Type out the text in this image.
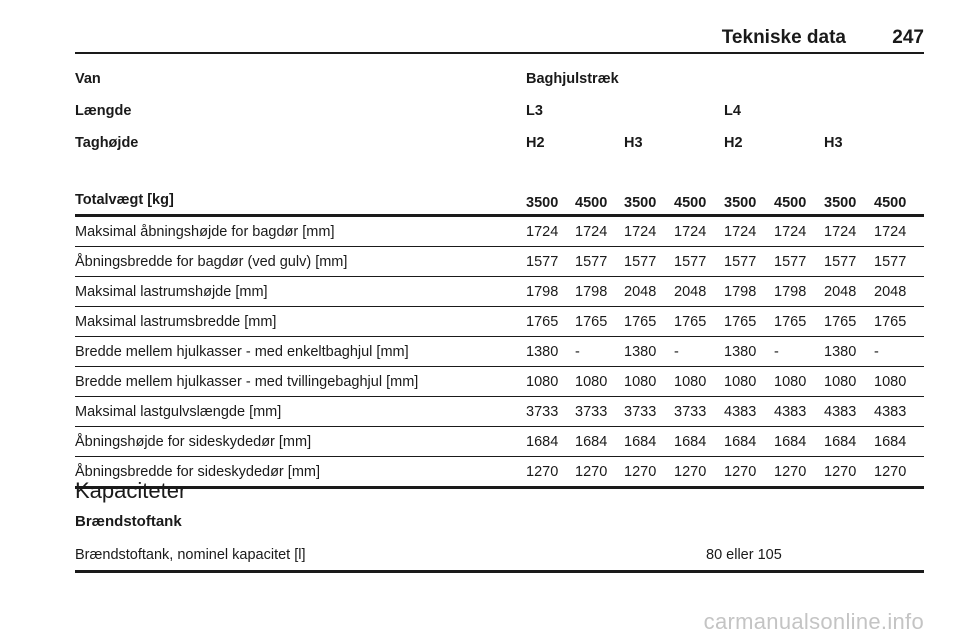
Tekniske data 247
Van	Baghjulstræk							
Længde	L3				L4			
Taghøjde	H2		H3		H2		H3	
Totalvægt [kg]	3500	4500	3500	4500	3500	4500	3500	4500
Maksimal åbningshøjde for bagdør [mm]	1724	1724	1724	1724	1724	1724	1724	1724
Åbningsbredde for bagdør (ved gulv) [mm]	1577	1577	1577	1577	1577	1577	1577	1577
Maksimal lastrumshøjde [mm]	1798	1798	2048	2048	1798	1798	2048	2048
Maksimal lastrumsbredde [mm]	1765	1765	1765	1765	1765	1765	1765	1765
Bredde mellem hjulkasser - med enkeltbaghjul [mm]	1380	-	1380	-	1380	-	1380	-
Bredde mellem hjulkasser - med tvillingebaghjul [mm]	1080	1080	1080	1080	1080	1080	1080	1080
Maksimal lastgulvslængde [mm]	3733	3733	3733	3733	4383	4383	4383	4383
Åbningshøjde for sideskydedør [mm]	1684	1684	1684	1684	1684	1684	1684	1684
Åbningsbredde for sideskydedør [mm]	1270	1270	1270	1270	1270	1270	1270	1270
Kapaciteter
Brændstoftank
Brændstoftank, nominel kapacitet [l]	80 eller 105
carmanualsonline.info
